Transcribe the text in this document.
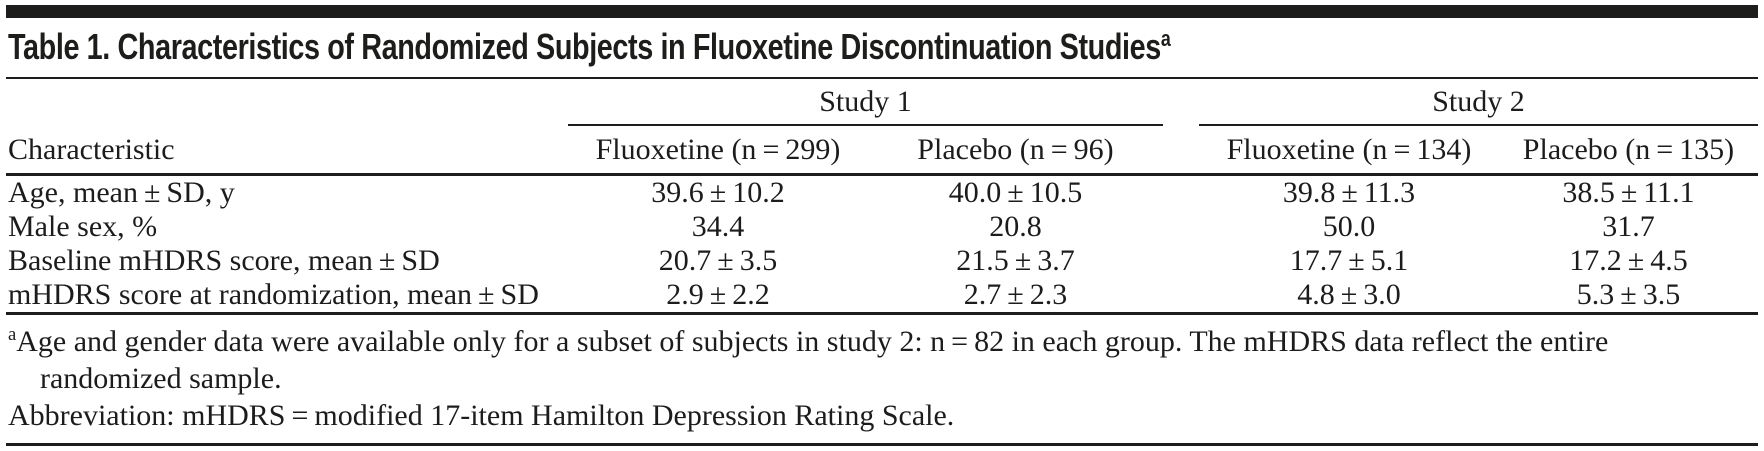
Table 1. Characteristics of Randomized Subjects in Fluoxetine Discontinuation Studies$^a$
	Study 1			Study 2	
Characteristic	Fluoxetine (n = 299)	Placebo (n = 96)		Fluoxetine (n = 134)	Placebo (n = 135)
Age, mean ± SD, y	39.6 ± 10.2	40.0 ± 10.5		39.8 ± 11.3	38.5 ± 11.1
Male sex, %	34.4	20.8		50.0	31.7
Baseline mHDRS score, mean ± SD	20.7 ± 3.5	21.5 ± 3.7		17.7 ± 5.1	17.2 ± 4.5
mHDRS score at randomization, mean ± SD	2.9 ± 2.2	2.7 ± 2.3		4.8 ± 3.0	5.3 ± 3.5
$^a$Age and gender data were available only for a subset of subjects in study 2: n = 82 in each group. The mHDRS data reflect the entire
randomized sample.
Abbreviation: mHDRS = modified 17-item Hamilton Depression Rating Scale.
